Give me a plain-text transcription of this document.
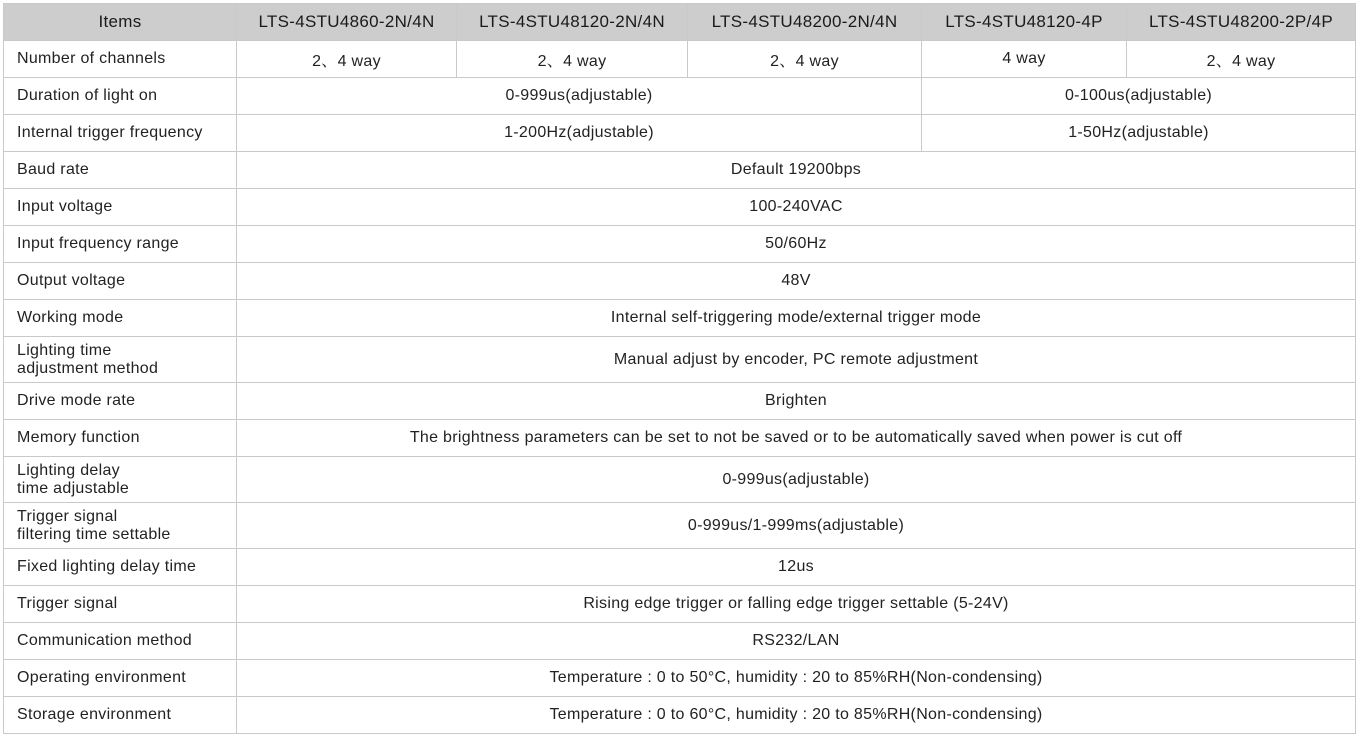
Items	LTS-4STU4860-2N/4N	LTS-4STU48120-2N/4N	LTS-4STU48200-2N/4N	LTS-4STU48120-4P	LTS-4STU48200-2P/4P
Number of channels	2、4 way	2、4 way	2、4 way	4 way	2、4 way
Duration of light on	0-999us(adjustable)			0-100us(adjustable)	
Internal trigger frequency	1-200Hz(adjustable)			1-50Hz(adjustable)	
Baud rate	Default 19200bps				
Input voltage	100-240VAC				
Input frequency range	50/60Hz				
Output voltage	48V				
Working mode	Internal self-triggering mode/external trigger mode				
Lighting time
adjustment method	Manual adjust by encoder, PC remote adjustment				
Drive mode rate	Brighten				
Memory function	The brightness parameters can be set to not be saved or to be automatically saved when power is cut off				
Lighting delay
time adjustable	0-999us(adjustable)				
Trigger signal
filtering time settable	0-999us/1-999ms(adjustable)				
Fixed lighting delay time	12us				
Trigger signal	Rising edge trigger or falling edge trigger settable (5-24V)				
Communication method	RS232/LAN				
Operating environment	Temperature : 0 to 50°C, humidity : 20 to 85%RH(Non-condensing)				
Storage environment	Temperature : 0 to 60°C, humidity : 20 to 85%RH(Non-condensing)				
